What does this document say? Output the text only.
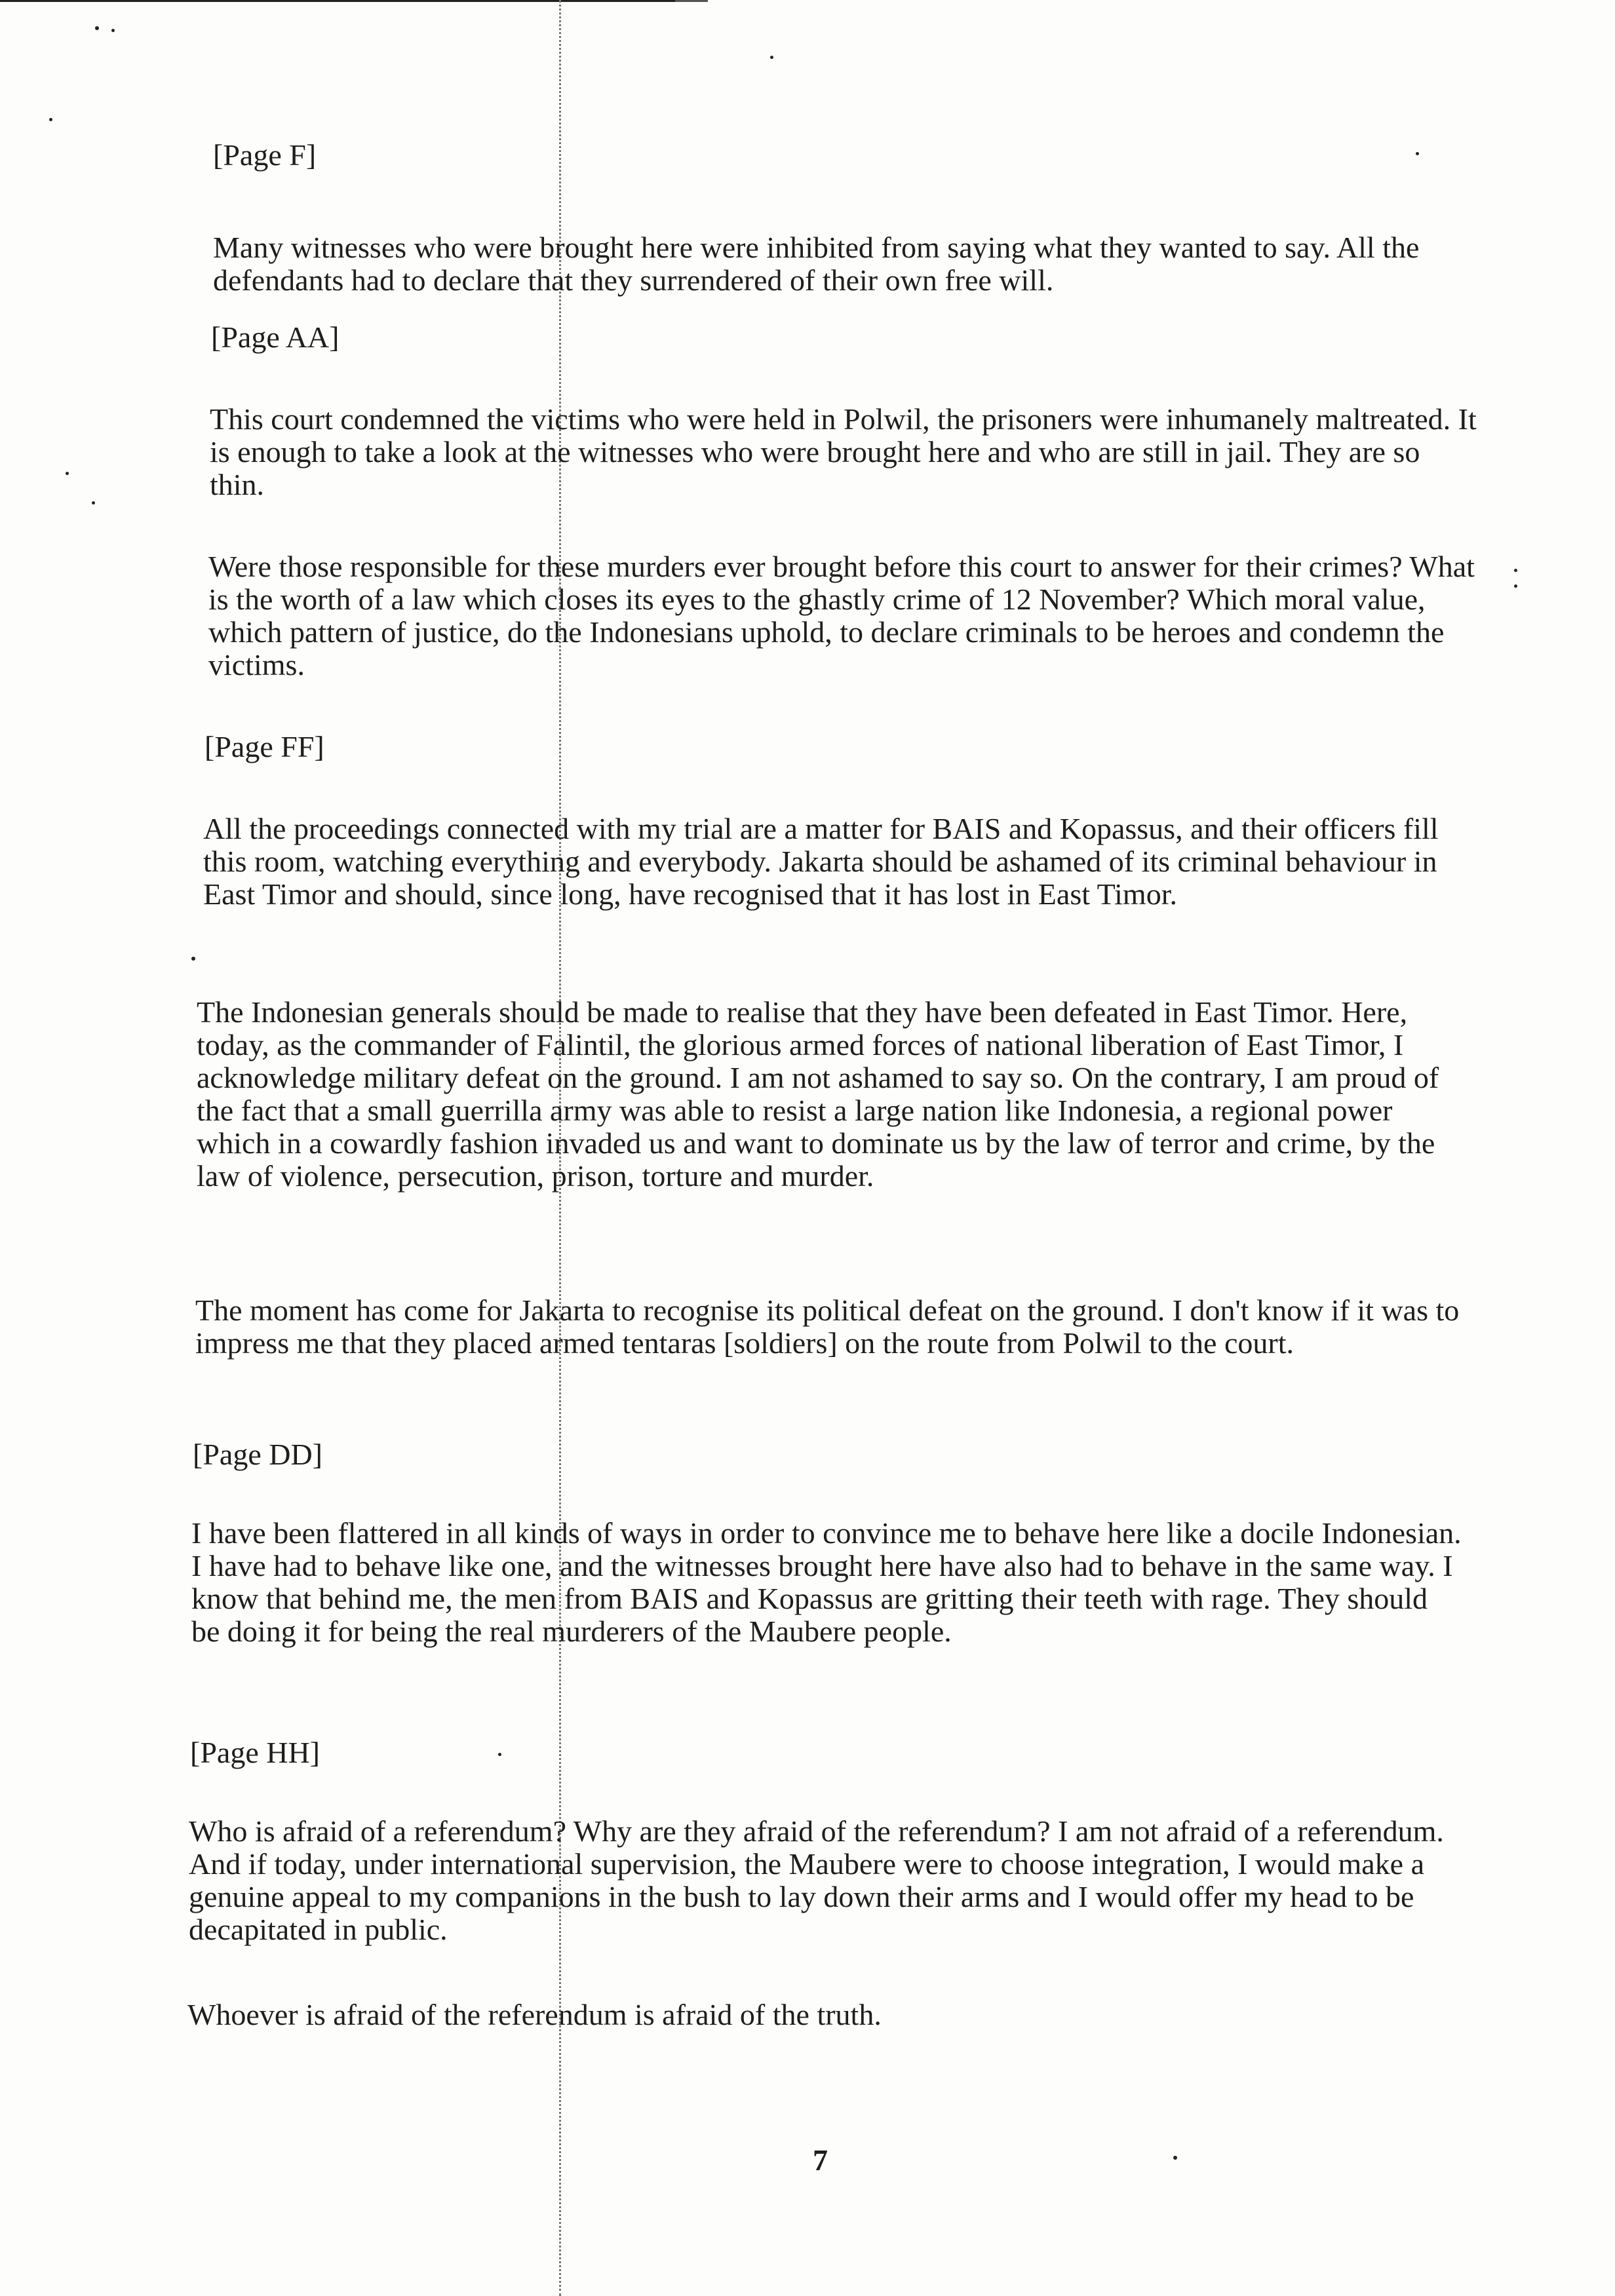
[Page F]
Many witnesses who were brought here were inhibited from saying what they wanted to say. All the defendants had to declare that they surrendered of their own free will.
[Page AA]
This court condemned the victims who were held in Polwil, the prisoners were inhumanely maltreated. It is enough to take a look at the witnesses who were brought here and who are still in jail. They are so thin.
Were those responsible for these murders ever brought before this court to answer for their crimes? What is the worth of a law which closes its eyes to the ghastly crime of 12 November? Which moral value, which pattern of justice, do the Indonesians uphold, to declare criminals to be heroes and condemn the victims.
[Page FF]
All the proceedings connected with my trial are a matter for BAIS and Kopassus, and their officers fill this room, watching everything and everybody. Jakarta should be ashamed of its criminal behaviour in East Timor and should, since long, have recognised that it has lost in East Timor.
The Indonesian generals should be made to realise that they have been defeated in East Timor. Here, today, as the commander of Falintil, the glorious armed forces of national liberation of East Timor, I acknowledge military defeat on the ground. I am not ashamed to say so. On the contrary, I am proud of the fact that a small guerrilla army was able to resist a large nation like Indonesia, a regional power which in a cowardly fashion invaded us and want to dominate us by the law of terror and crime, by the law of violence, persecution, prison, torture and murder.
The moment has come for Jakarta to recognise its political defeat on the ground. I don't know if it was to impress me that they placed armed tentaras [soldiers] on the route from Polwil to the court.
[Page DD]
I have been flattered in all kinds of ways in order to convince me to behave here like a docile Indonesian. I have had to behave like one, and the witnesses brought here have also had to behave in the same way. I know that behind me, the men from BAIS and Kopassus are gritting their teeth with rage. They should be doing it for being the real murderers of the Maubere people.
[Page HH]
Who is afraid of a referendum? Why are they afraid of the referendum? I am not afraid of a referendum. And if today, under international supervision, the Maubere were to choose integration, I would make a genuine appeal to my companions in the bush to lay down their arms and I would offer my head to be decapitated in public.
Whoever is afraid of the referendum is afraid of the truth.
7
